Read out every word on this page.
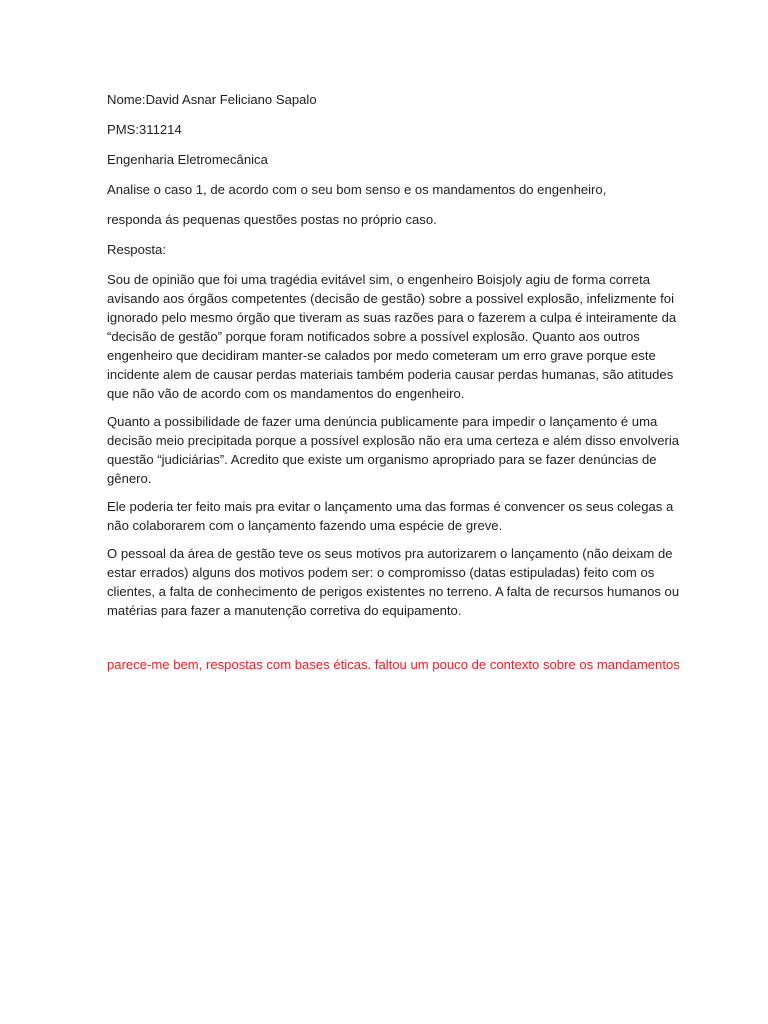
Nome:David Asnar Feliciano Sapalo

PMS:311214

Engenharia Eletromecânica

Analise o caso 1, de acordo com o seu bom senso e os mandamentos do engenheiro,

responda ás pequenas questões postas no próprio caso.

Resposta:

Sou de opinião que foi uma tragédia evitável sim, o engenheiro Boisjoly agiu de forma correta
avisando aos órgãos competentes (decisão de gestão) sobre a possivel explosão, infelizmente foi
ignorado pelo mesmo órgão que tiveram as suas razões para o fazerem a culpa é inteiramente da
“decisão de gestão” porque foram notificados sobre a possível explosão. Quanto aos outros
engenheiro que decidiram manter-se calados por medo cometeram um erro grave porque este
incidente alem de causar perdas materiais também poderia causar perdas humanas, são atitudes
que não vão de acordo com os mandamentos do engenheiro.
Quanto a possibilidade de fazer uma denúncia publicamente para impedir o lançamento é uma
decisão meio precipitada porque a possível explosão não era uma certeza e além disso envolveria
questão “judiciárias”. Acredito que existe um organismo apropriado para se fazer denúncias de
gênero.
Ele poderia ter feito mais pra evitar o lançamento uma das formas é convencer os seus colegas a
não colaborarem com o lançamento fazendo uma espécie de greve.
O pessoal da área de gestão teve os seus motivos pra autorizarem o lançamento (não deixam de
estar errados) alguns dos motivos podem ser: o compromisso (datas estipuladas) feito com os
clientes, a falta de conhecimento de perigos existentes no terreno. A falta de recursos humanos ou
matérias para fazer a manutenção corretiva do equipamento.
parece-me bem, respostas com bases éticas. faltou um pouco de contexto sobre os mandamentos
